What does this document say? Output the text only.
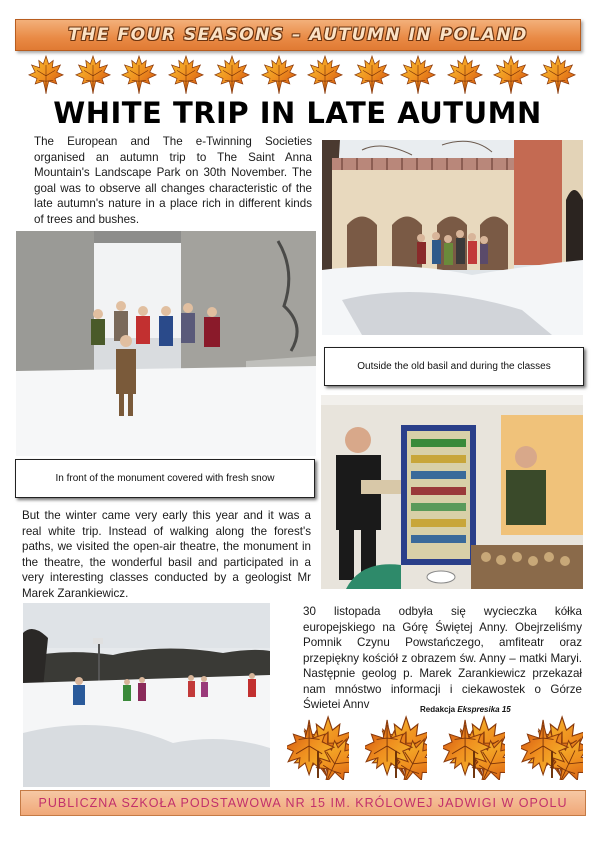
THE FOUR SEASONS – AUTUMN IN POLAND
WHITE TRIP IN LATE AUTUMN

The European and The e-Twinning Societies organised an autumn trip to The Saint Anna Mountain's Landscape Park on 30th November. The goal was to observe all changes characteristic of the late autumn's nature in a place rich in different kinds of trees and bushes.

Outside the old basil and during the classes
In front of the monument covered with fresh snow

But the winter came very early this year and it was a real white trip. Instead of walking along the forest's paths, we visited the open-air theatre, the monument in the theatre, the wonderful basil and participated in a very interesting classes conducted by a geologist Mr Marek Zarankiewicz.

30 listopada odbyła się wycieczka kółka europejskiego na Górę Świętej Anny. Obejrzeliśmy Pomnik Czynu Powstańczego, amfiteatr oraz przepiękny kościół z obrazem św. Anny – matki Maryi. Następnie geolog p. Marek Zarankiewicz przekazał nam mnóstwo informacji i ciekawostek o Górze Świetei Annv	Redakcja Ekspresika 15
PUBLICZNA SZKOŁA PODSTAWOWA NR 15 IM. KRÓLOWEJ JADWIGI W OPOLU
